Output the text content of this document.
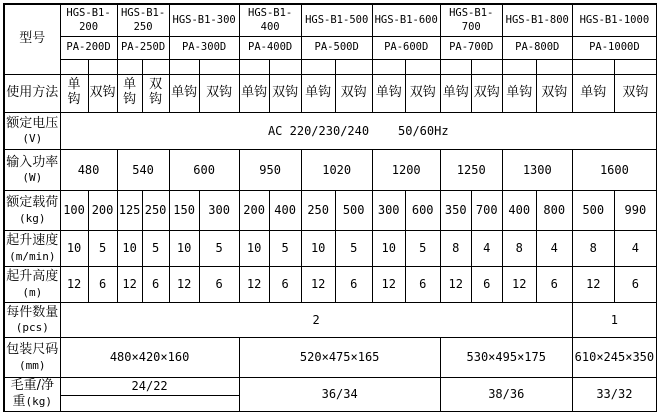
型号	HGS-B1-200		HGS-B1-250		HGS-B1-300		HGS-B1-400		HGS-B1-500		HGS-B1-600		HGS-B1-700		HGS-B1-800		HGS-B1-1000	
	PA-200D		PA-250D		PA-300D		PA-400D		PA-500D		PA-600D		PA-700D		PA-800D		PA-1000D	

使用方法	单钩	双钩	单钩	双钩	单钩	双钩	单钩	双钩	单钩	双钩	单钩	双钩	单钩	双钩	单钩	双钩	单钩	双钩
额定电压
(V)	AC 220/230/240    50/60Hz																	
输入功率
(W)	480		540		600		950		1020		1200		1250		1300		1600	
额定载荷
(kg)	100	200	125	250	150	300	200	400	250	500	300	600	350	700	400	800	500	990
起升速度
(m/min)	10	5	10	5	10	5	10	5	10	5	10	5	8	4	8	4	8	4
起升高度
(m)	12	6	12	6	12	6	12	6	12	6	12	6	12	6	12	6	12	6
每件数量
(pcs)	2																1	
包装尺码
(mm)	480×420×160						520×475×165						530×495×175				610×245×350	
毛重/净重(kg)	24/22						36/34						38/36				33/32	
